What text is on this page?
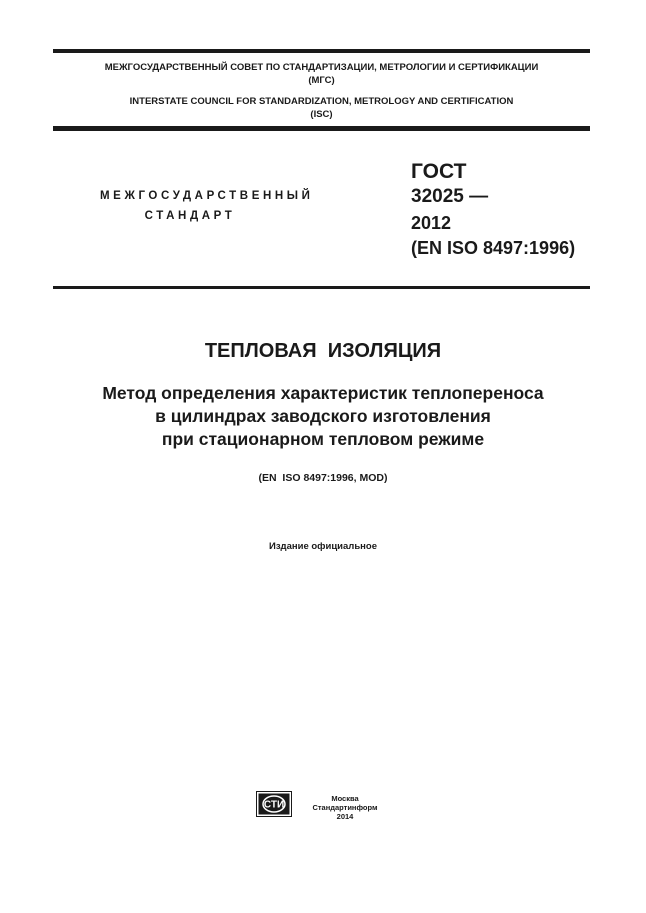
МЕЖГОСУДАРСТВЕННЫЙ СОВЕТ ПО СТАНДАРТИЗАЦИИ, МЕТРОЛОГИИ И СЕРТИФИКАЦИИ
(МГС)
INTERSTATE COUNCIL FOR STANDARDIZATION, METROLOGY AND CERTIFICATION
(ISC)
МЕЖГОСУДАРСТВЕННЫЙ
СТАНДАРТ
ГОСТ
32025 —
2012
(EN ISO 8497:1996)
ТЕПЛОВАЯ  ИЗОЛЯЦИЯ
Метод определения характеристик теплопереноса
в цилиндрах заводского изготовления
при стационарном тепловом режиме
(EN  ISO 8497:1996, MOD)
Издание официальное
СТИ
Москва
Стандартинформ
2014
